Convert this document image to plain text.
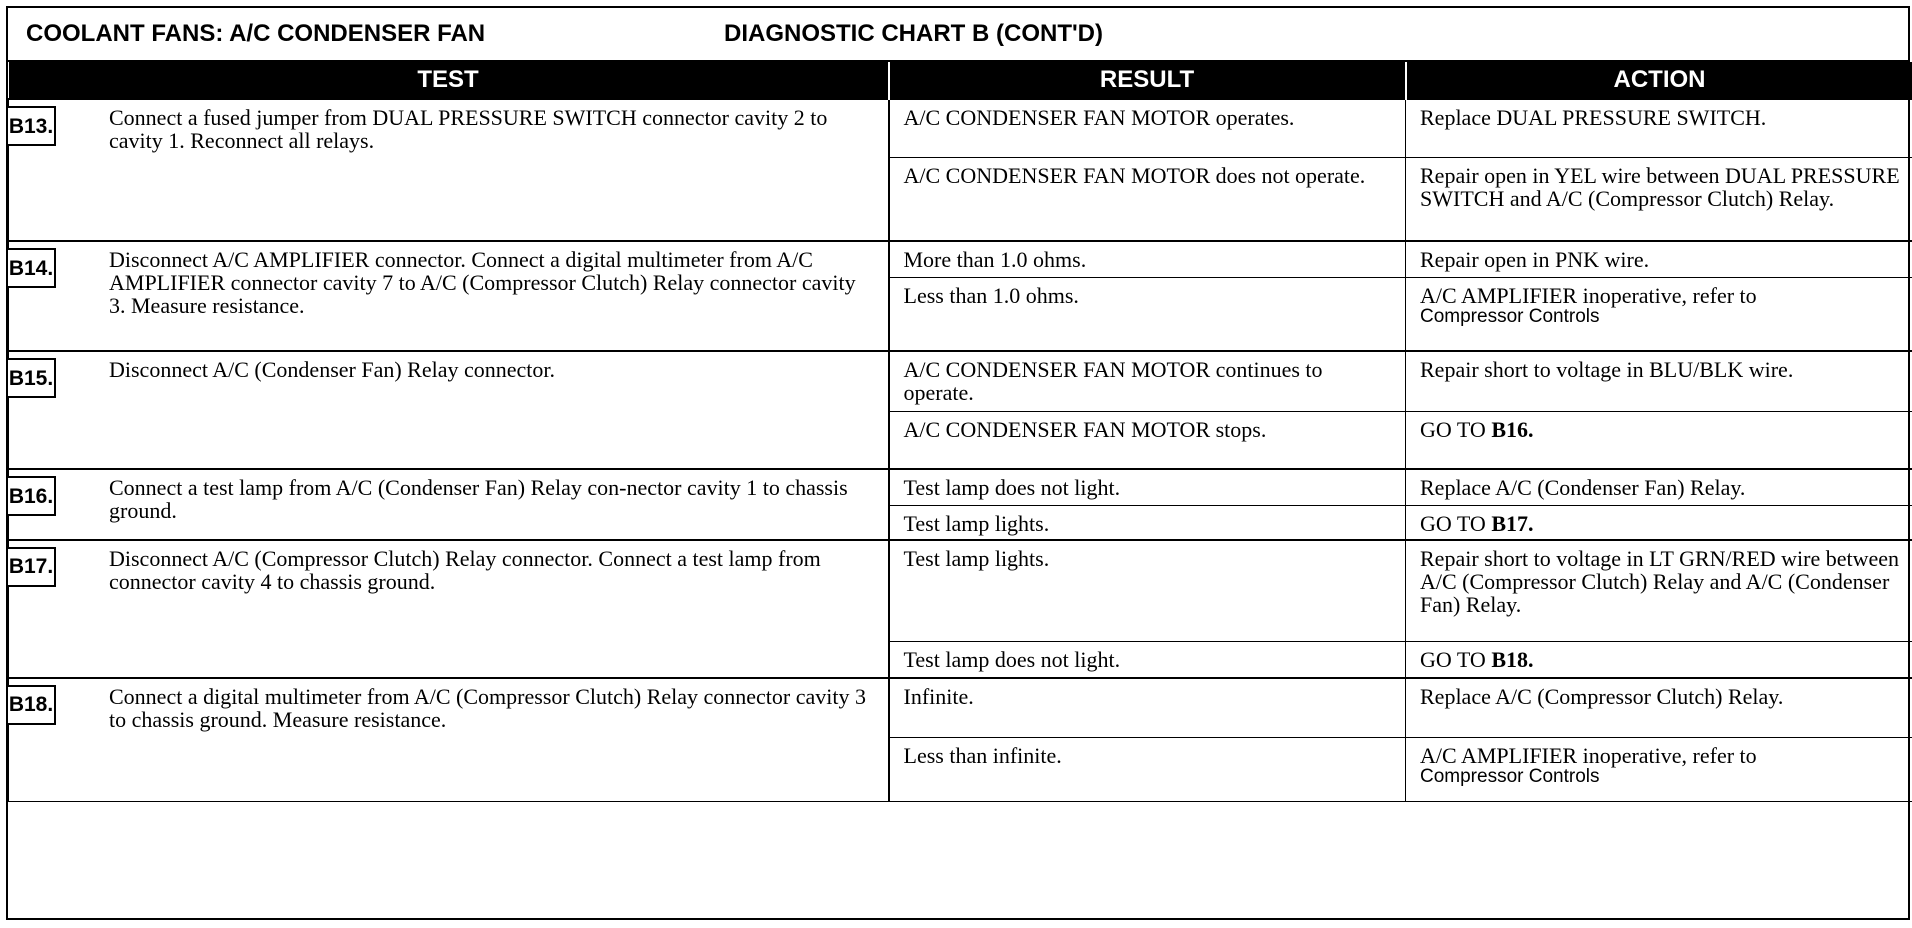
COOLANT FANS: A/C CONDENSER FAN	DIAGNOSTIC CHART B (CONT'D)
TEST	RESULT	ACTION

B13. Connect a fused jumper from DUAL PRESSURE SWITCH connector cavity 2 to cavity 1. Reconnect all relays.	A/C CONDENSER FAN MOTOR operates.	Replace DUAL PRESSURE SWITCH.
	A/C CONDENSER FAN MOTOR does not operate.	Repair open in YEL wire between DUAL PRESSURE SWITCH and A/C (Compressor Clutch) Relay.

B14. Disconnect A/C AMPLIFIER connector. Connect a digital multimeter from A/C AMPLIFIER connector cavity 7 to A/C (Compressor Clutch) Relay connector cavity 3. Measure resistance.	More than 1.0 ohms.	Repair open in PNK wire.
	Less than 1.0 ohms.	A/C AMPLIFIER inoperative, refer to
Compressor Controls

B15. Disconnect A/C (Condenser Fan) Relay connector.	A/C CONDENSER FAN MOTOR continues to operate.	Repair short to voltage in BLU/BLK wire.
	A/C CONDENSER FAN MOTOR stops.	GO TO B16.

B16. Connect a test lamp from A/C (Condenser Fan) Relay con-nector cavity 1 to chassis ground.	Test lamp does not light.	Replace A/C (Condenser Fan) Relay.
	Test lamp lights.	GO TO B17.

B17. Disconnect A/C (Compressor Clutch) Relay connector. Connect a test lamp from connector cavity 4 to chassis ground.	Test lamp lights.	Repair short to voltage in LT GRN/RED wire between A/C (Compressor Clutch) Relay and A/C (Condenser Fan) Relay.
	Test lamp does not light.	GO TO B18.

B18. Connect a digital multimeter from A/C (Compressor Clutch) Relay connector cavity 3 to chassis ground. Measure resistance.	Infinite.	Replace A/C (Compressor Clutch) Relay.
	Less than infinite.	A/C AMPLIFIER inoperative, refer to
Compressor Controls
